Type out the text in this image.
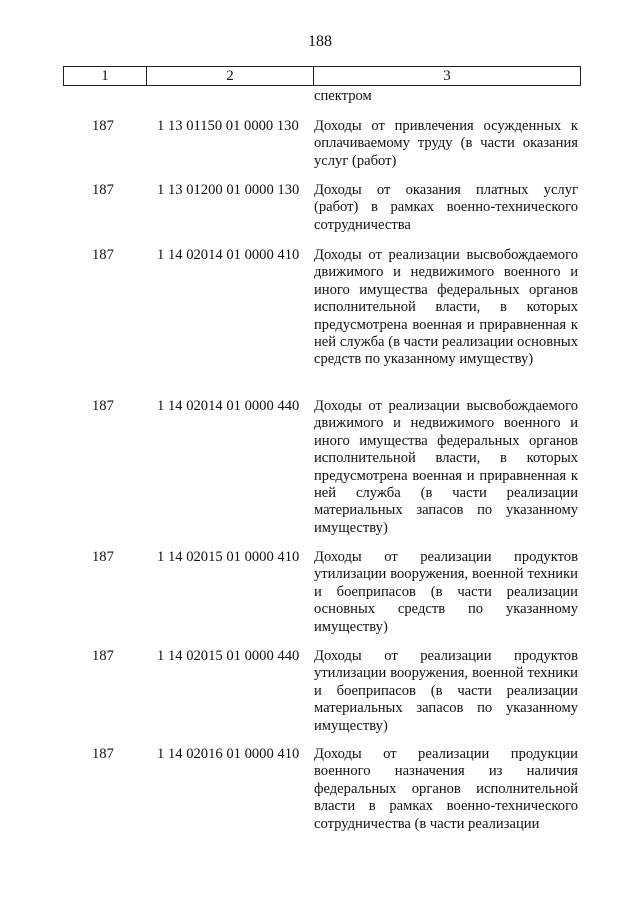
188
1	2	3
спектром
187	1 13 01150 01 0000 130	Доходы от привлечения осужденных к оплачиваемому труду (в части оказания услуг (работ)
187	1 13 01200 01 0000 130	Доходы от оказания платных услуг (работ) в рамках военно-технического сотрудничества
187	1 14 02014 01 0000 410	Доходы от реализации высвобождаемого движимого и недвижимого военного и иного имущества федеральных органов исполнительной власти, в которых предусмотрена военная и приравненная к ней служба (в части реализации основных средств по указанному имуществу)
187	1 14 02014 01 0000 440	Доходы от реализации высвобождаемого движимого и недвижимого военного и иного имущества федеральных органов исполнительной власти, в которых предусмотрена военная и приравненная к ней служба (в части реализации материальных запасов по указанному имуществу)
187	1 14 02015 01 0000 410	Доходы от реализации продуктов утилизации вооружения, военной техники и боеприпасов (в части реализации основных средств по указанному имуществу)
187	1 14 02015 01 0000 440	Доходы от реализации продуктов утилизации вооружения, военной техники и боеприпасов (в части реализации материальных запасов по указанному имуществу)
187	1 14 02016 01 0000 410	Доходы от реализации продукции военного назначения из наличия федеральных органов исполнительной власти в рамках военно-технического сотрудничества (в части реализации
